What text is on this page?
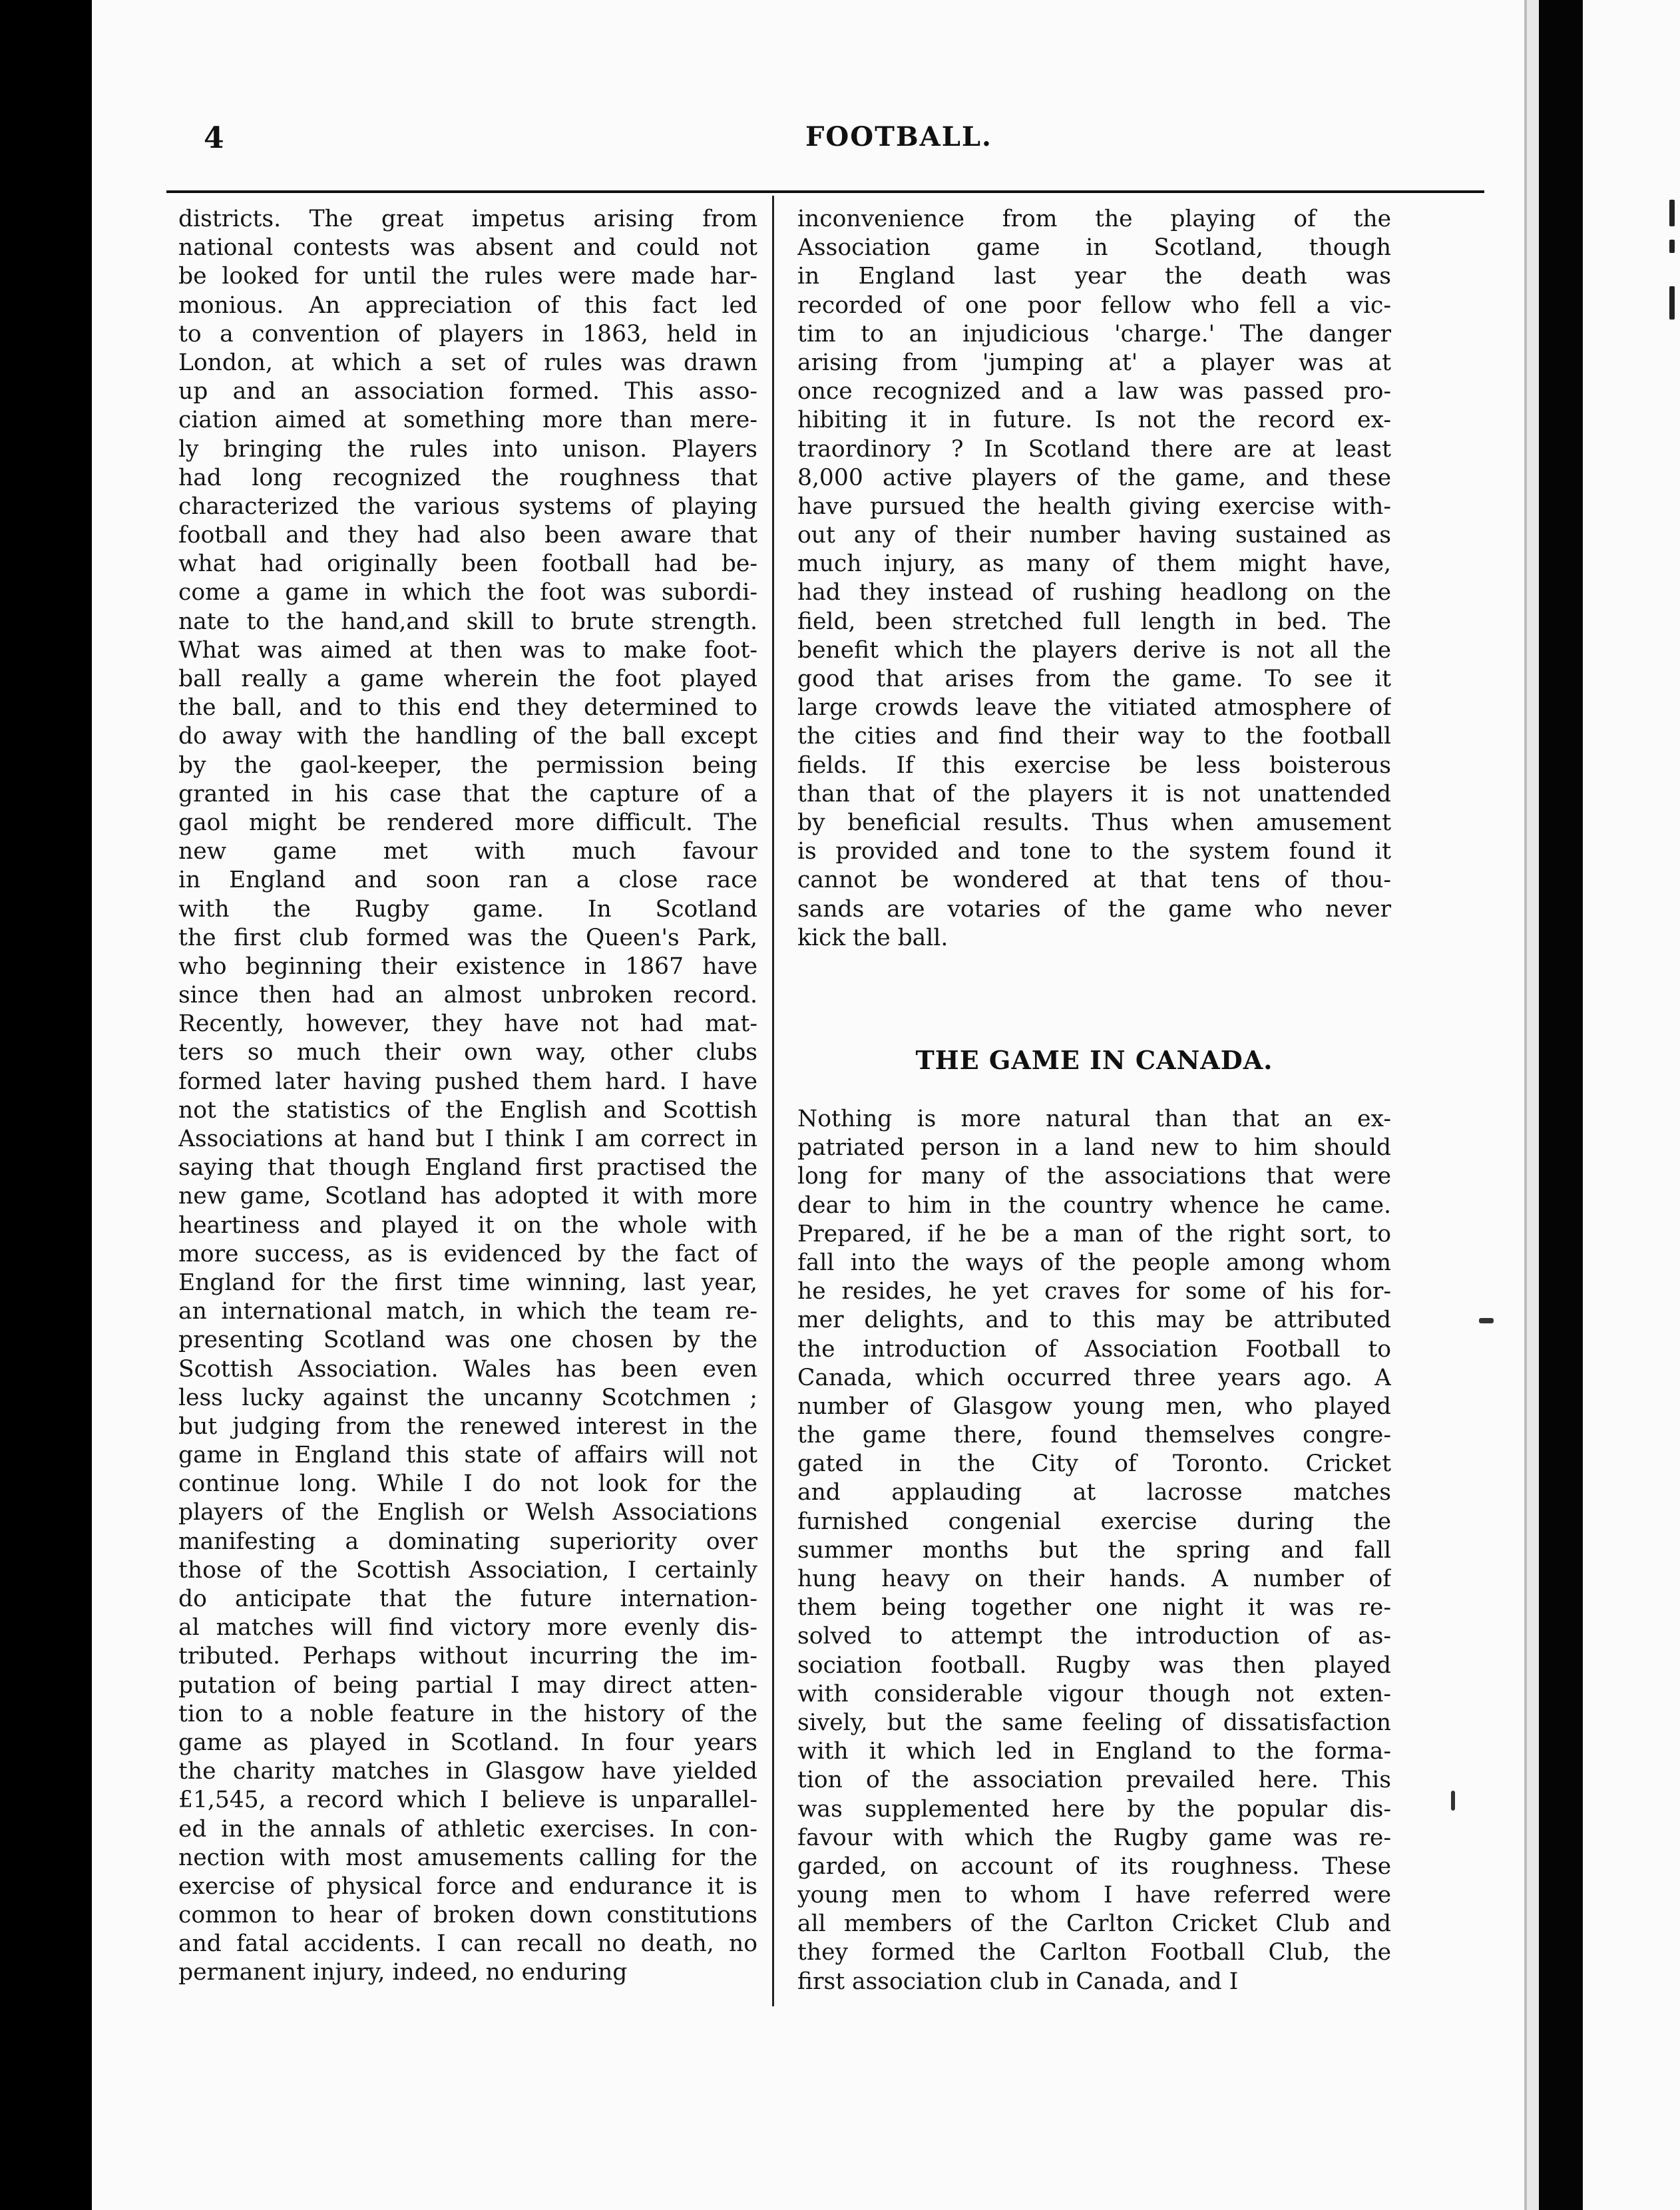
4	FOOTBALL.
districts. The great impetus arising from
national contests was absent and could not
be looked for until the rules were made har-
monious. An appreciation of this fact led
to a convention of players in 1863, held in
London, at which a set of rules was drawn
up and an association formed. This asso-
ciation aimed at something more than mere-
ly bringing the rules into unison. Players
had long recognized the roughness that
characterized the various systems of playing
football and they had also been aware that
what had originally been football had be-
come a game in which the foot was subordi-
nate to the hand,and skill to brute strength.
What was aimed at then was to make foot-
ball really a game wherein the foot played
the ball, and to this end they determined to
do away with the handling of the ball except
by the gaol-keeper, the permission being
granted in his case that the capture of a
gaol might be rendered more difficult. The
new game met with much favour
in England and soon ran a close race
with the Rugby game. In Scotland
the first club formed was the Queen's Park,
who beginning their existence in 1867 have
since then had an almost unbroken record.
Recently, however, they have not had mat-
ters so much their own way, other clubs
formed later having pushed them hard. I have
not the statistics of the English and Scottish
Associations at hand but I think I am correct in
saying that though England first practised the
new game, Scotland has adopted it with more
heartiness and played it on the whole with
more success, as is evidenced by the fact of
England for the first time winning, last year,
an international match, in which the team re-
presenting Scotland was one chosen by the
Scottish Association. Wales has been even
less lucky against the uncanny Scotchmen ;
but judging from the renewed interest in the
game in England this state of affairs will not
continue long. While I do not look for the
players of the English or Welsh Associations
manifesting a dominating superiority over
those of the Scottish Association, I certainly
do anticipate that the future internation-
al matches will find victory more evenly dis-
tributed. Perhaps without incurring the im-
putation of being partial I may direct atten-
tion to a noble feature in the history of the
game as played in Scotland. In four years
the charity matches in Glasgow have yielded
£1,545, a record which I believe is unparallel-
ed in the annals of athletic exercises. In con-
nection with most amusements calling for the
exercise of physical force and endurance it is
common to hear of broken down constitutions
and fatal accidents. I can recall no death, no
permanent injury, indeed, no enduring
inconvenience from the playing of the
Association game in Scotland, though
in England last year the death was
recorded of one poor fellow who fell a vic-
tim to an injudicious 'charge.' The danger
arising from 'jumping at' a player was at
once recognized and a law was passed pro-
hibiting it in future. Is not the record ex-
traordinory ? In Scotland there are at least
8,000 active players of the game, and these
have pursued the health giving exercise with-
out any of their number having sustained as
much injury, as many of them might have,
had they instead of rushing headlong on the
field, been stretched full length in bed. The
benefit which the players derive is not all the
good that arises from the game. To see it
large crowds leave the vitiated atmosphere of
the cities and find their way to the football
fields. If this exercise be less boisterous
than that of the players it is not unattended
by beneficial results. Thus when amusement
is provided and tone to the system found it
cannot be wondered at that tens of thou-
sands are votaries of the game who never
kick the ball.
THE GAME IN CANADA.
Nothing is more natural than that an ex-
patriated person in a land new to him should
long for many of the associations that were
dear to him in the country whence he came.
Prepared, if he be a man of the right sort, to
fall into the ways of the people among whom
he resides, he yet craves for some of his for-
mer delights, and to this may be attributed
the introduction of Association Football to
Canada, which occurred three years ago. A
number of Glasgow young men, who played
the game there, found themselves congre-
gated in the City of Toronto. Cricket
and applauding at lacrosse matches
furnished congenial exercise during the
summer months but the spring and fall
hung heavy on their hands. A number of
them being together one night it was re-
solved to attempt the introduction of as-
sociation football. Rugby was then played
with considerable vigour though not exten-
sively, but the same feeling of dissatisfaction
with it which led in England to the forma-
tion of the association prevailed here. This
was supplemented here by the popular dis-
favour with which the Rugby game was re-
garded, on account of its roughness. These
young men to whom I have referred were
all members of the Carlton Cricket Club and
they formed the Carlton Football Club, the
first association club in Canada, and I
